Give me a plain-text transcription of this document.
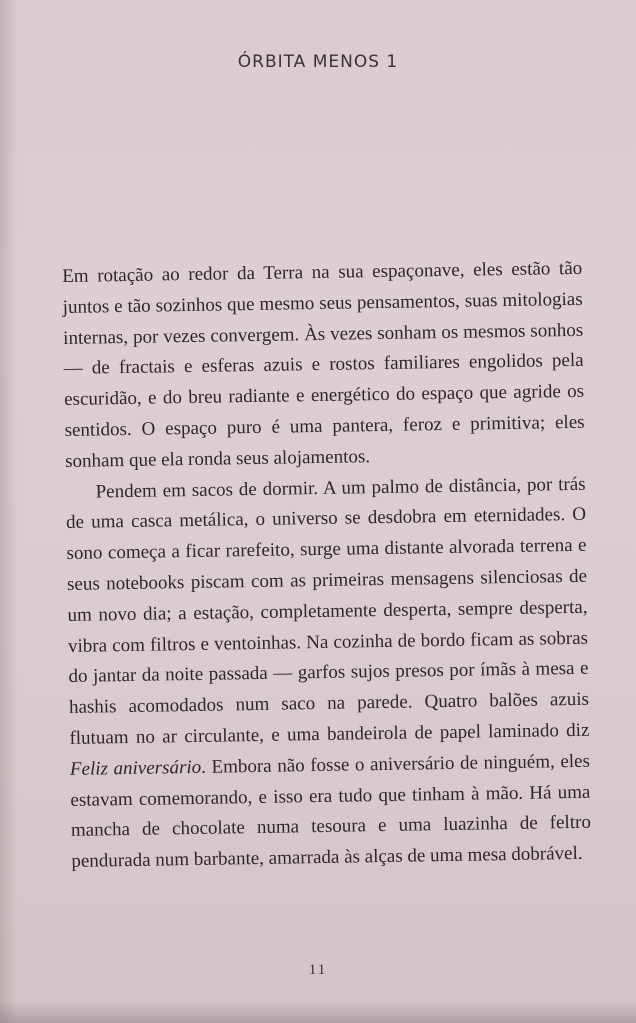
ÓRBITA MENOS 1

Em rotação ao redor da Terra na sua espaçonave, eles estão tão juntos e tão sozinhos que mesmo seus pensamentos, suas mitologias internas, por vezes convergem. Às vezes sonham os mesmos sonhos — de fractais e esferas azuis e rostos familiares engolidos pela escuridão, e do breu radiante e energético do espaço que agride os sentidos. O espaço puro é uma pantera, feroz e primitiva; eles sonham que ela ronda seus alojamentos.

Pendem em sacos de dormir. A um palmo de distância, por trás de uma casca metálica, o universo se desdobra em eternidades. O sono começa a ficar rarefeito, surge uma distante alvorada terrena e seus notebooks piscam com as primeiras mensagens silenciosas de um novo dia; a estação, completamente desperta, sempre desperta, vibra com filtros e ventoinhas. Na cozinha de bordo ficam as sobras do jantar da noite passada — garfos sujos presos por ímãs à mesa e hashis acomodados num saco na parede. Quatro balões azuis flutuam no ar circulante, e uma bandeirola de papel laminado diz Feliz aniversário. Embora não fosse o aniversário de ninguém, eles estavam comemorando, e isso era tudo que tinham à mão. Há uma mancha de chocolate numa tesoura e uma luazinha de feltro pendurada num barbante, amarrada às alças de uma mesa dobrável.

11
